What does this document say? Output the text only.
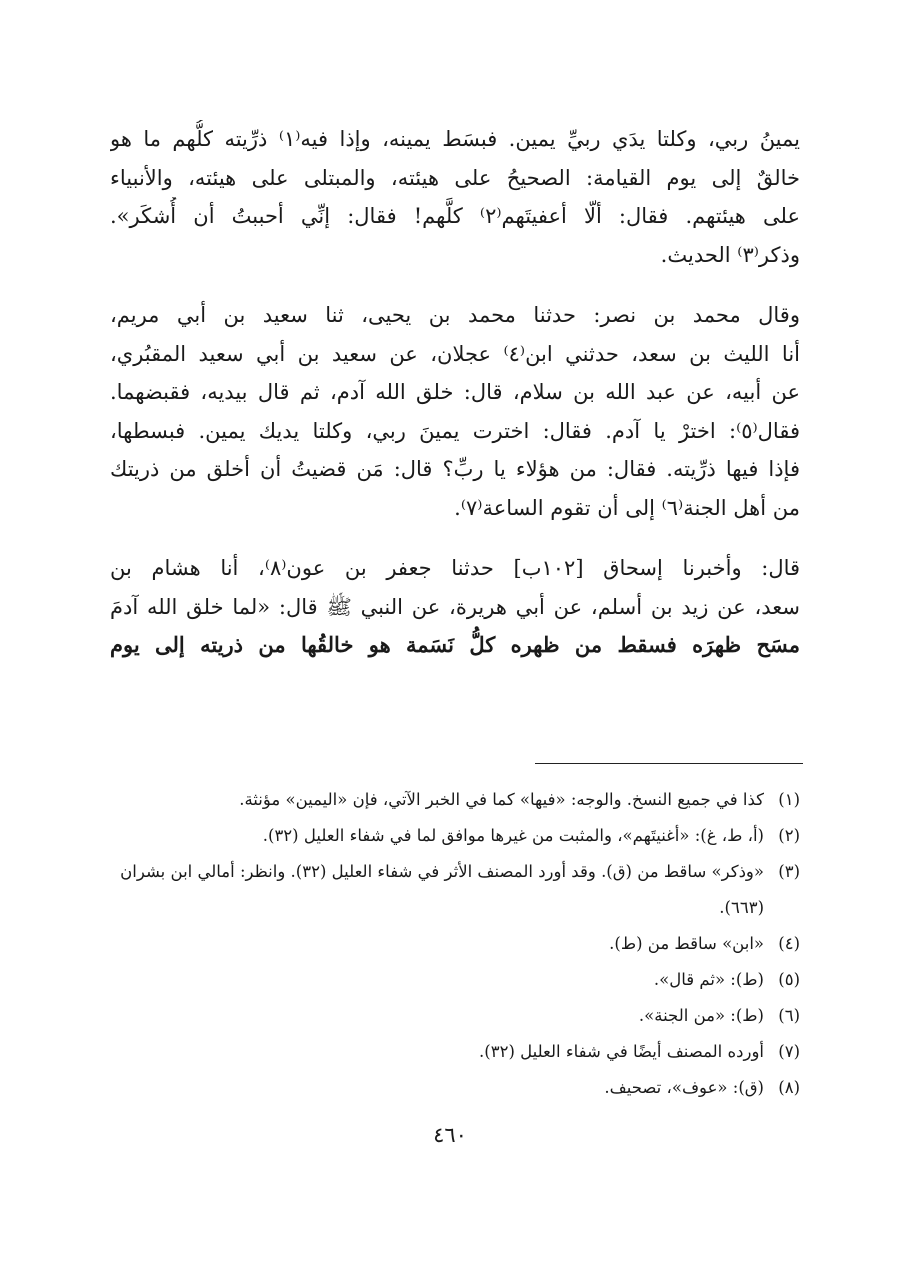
يمينُ ربي، وكلتا يدَي ربيِّ يمين. فبسَط يمينه، وإذا فيه⁽١⁾ ذرِّيته كلُّهم ما هو
خالقٌ إلى يوم القيامة: الصحيحُ على هيئته، والمبتلى على هيئته، والأنبياء
على هيئتهم. فقال: ألّا أعفيتَهم⁽٢⁾ كلَّهم! فقال: إنِّي أحببتُ أن أُشكَر».
وذكر⁽٣⁾ الحديث.
وقال محمد بن نصر: حدثنا محمد بن يحيى، ثنا سعيد بن أبي مريم،
أنا الليث بن سعد، حدثني ابن⁽٤⁾ عجلان، عن سعيد بن أبي سعيد المقبُري،
عن أبيه، عن عبد الله بن سلام، قال: خلق الله آدم، ثم قال بيديه، فقبضهما.
فقال⁽٥⁾: اخترْ يا آدم. فقال: اخترت يمينَ ربي، وكلتا يديك يمين. فبسطها،
فإذا فيها ذرِّيته. فقال: من هؤلاء يا ربِّ؟ قال: مَن قضيتُ أن أخلق من ذريتك
من أهل الجنة⁽٦⁾ إلى أن تقوم الساعة⁽٧⁾.
قال: وأخبرنا إسحاق [١٠٢ب] حدثنا جعفر بن عون⁽٨⁾، أنا هشام بن
سعد، عن زيد بن أسلم، عن أبي هريرة، عن النبي ﷺ قال: «لما خلق الله آدمَ
مسَح ظهرَه فسقط من ظهره كلُّ نَسَمة هو خالقُها من ذريته إلى يوم
(١)
كذا في جميع النسخ. والوجه: «فيها» كما في الخبر الآتي، فإن «اليمين» مؤنثة.
(٢)
(أ، ط، غ): «أغنيتَهم»، والمثبت من غيرها موافق لما في شفاء العليل (٣٢).
(٣)
«وذكر» ساقط من (ق). وقد أورد المصنف الأثر في شفاء العليل (٣٢). وانظر: أمالي ابن بشران (٦٦٣).
(٤)
«ابن» ساقط من (ط).
(٥)
(ط): «ثم قال».
(٦)
(ط): «من الجنة».
(٧)
أورده المصنف أيضًا في شفاء العليل (٣٢).
(٨)
(ق): «عوف»، تصحيف.
٤٦٠
